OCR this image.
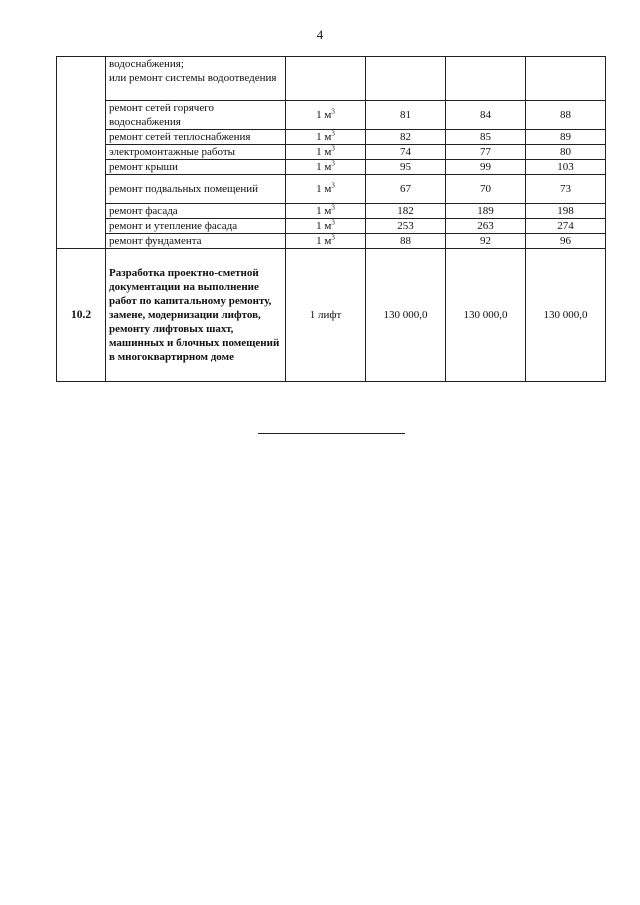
4
	водоснабжения;
или ремонт системы водоотведения				
	ремонт сетей горячего водоснабжения	1 $м^3$	81	84	88
	ремонт сетей теплоснабжения	1 $м^3$	82	85	89
	электромонтажные работы	1 $м^3$	74	77	80
	ремонт крыши	1 $м^3$	95	99	103
	ремонт подвальных помещений	1 $м^3$	67	70	73
	ремонт фасада	1 $м^3$	182	189	198
	ремонт и утепление фасада	1 $м^3$	253	263	274
	ремонт фундамента	1 $м^3$	88	92	96
10.2	Разработка проектно-сметной документации на выполнение работ по капитальному ремонту, замене, модернизации лифтов, ремонту лифтовых шахт, машинных и блочных помещений в многоквартирном доме	1 лифт	130 000,0	130 000,0	130 000,0
